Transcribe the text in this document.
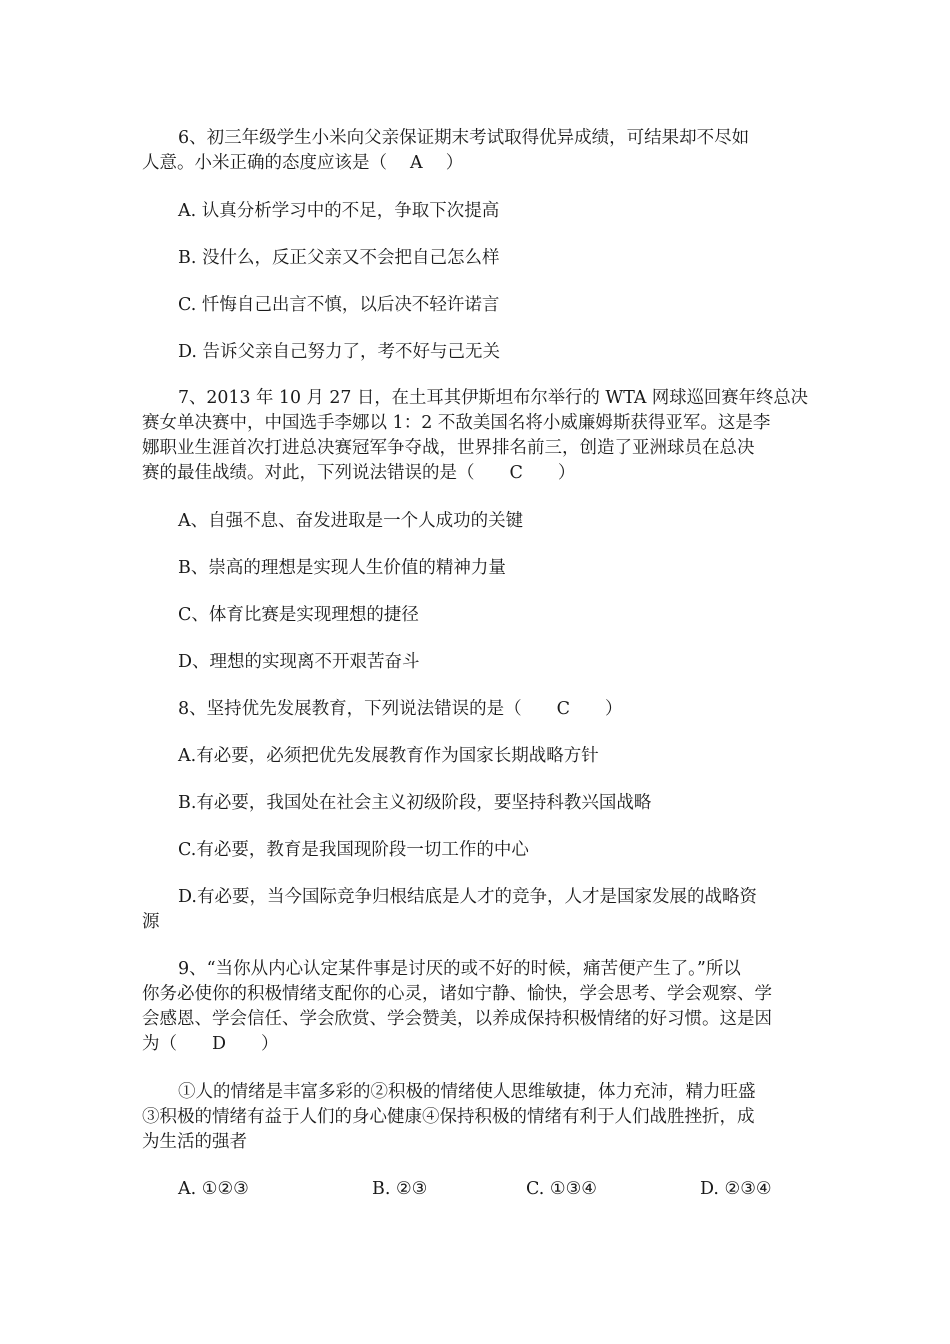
6、初三年级学生小米向父亲保证期末考试取得优异成绩，可结果却不尽如
人意。小米正确的态度应该是（　 A　 ）
A. 认真分析学习中的不足，争取下次提高
B. 没什么，反正父亲又不会把自己怎么样
C. 忏悔自己出言不慎，以后决不轻许诺言
D. 告诉父亲自己努力了，考不好与己无关
7、2013 年 10 月 27 日，在土耳其伊斯坦布尔举行的 WTA 网球巡回赛年终总决
赛女单决赛中，中国选手李娜以 1：2 不敌美国名将小威廉姆斯获得亚军。这是李
娜职业生涯首次打进总决赛冠军争夺战，世界排名前三，创造了亚洲球员在总决
赛的最佳战绩。对此，下列说法错误的是（　　C　　）
A、自强不息、奋发进取是一个人成功的关键
B、崇高的理想是实现人生价值的精神力量
C、体育比赛是实现理想的捷径
D、理想的实现离不开艰苦奋斗
8、坚持优先发展教育，下列说法错误的是（　　C　　）
A.有必要，必须把优先发展教育作为国家长期战略方针
B.有必要，我国处在社会主义初级阶段，要坚持科教兴国战略
C.有必要，教育是我国现阶段一切工作的中心
D.有必要，当今国际竞争归根结底是人才的竞争，人才是国家发展的战略资
源
9、“当你从内心认定某件事是讨厌的或不好的时候，痛苦便产生了。”所以
你务必使你的积极情绪支配你的心灵，诸如宁静、愉快，学会思考、学会观察、学
会感恩、学会信任、学会欣赏、学会赞美，以养成保持积极情绪的好习惯。这是因
为（　　D　　）
①人的情绪是丰富多彩的②积极的情绪使人思维敏捷，体力充沛，精力旺盛
③积极的情绪有益于人们的身心健康④保持积极的情绪有利于人们战胜挫折，成
为生活的强者
A. ①②③	B. ②③	C. ①③④	D. ②③④
